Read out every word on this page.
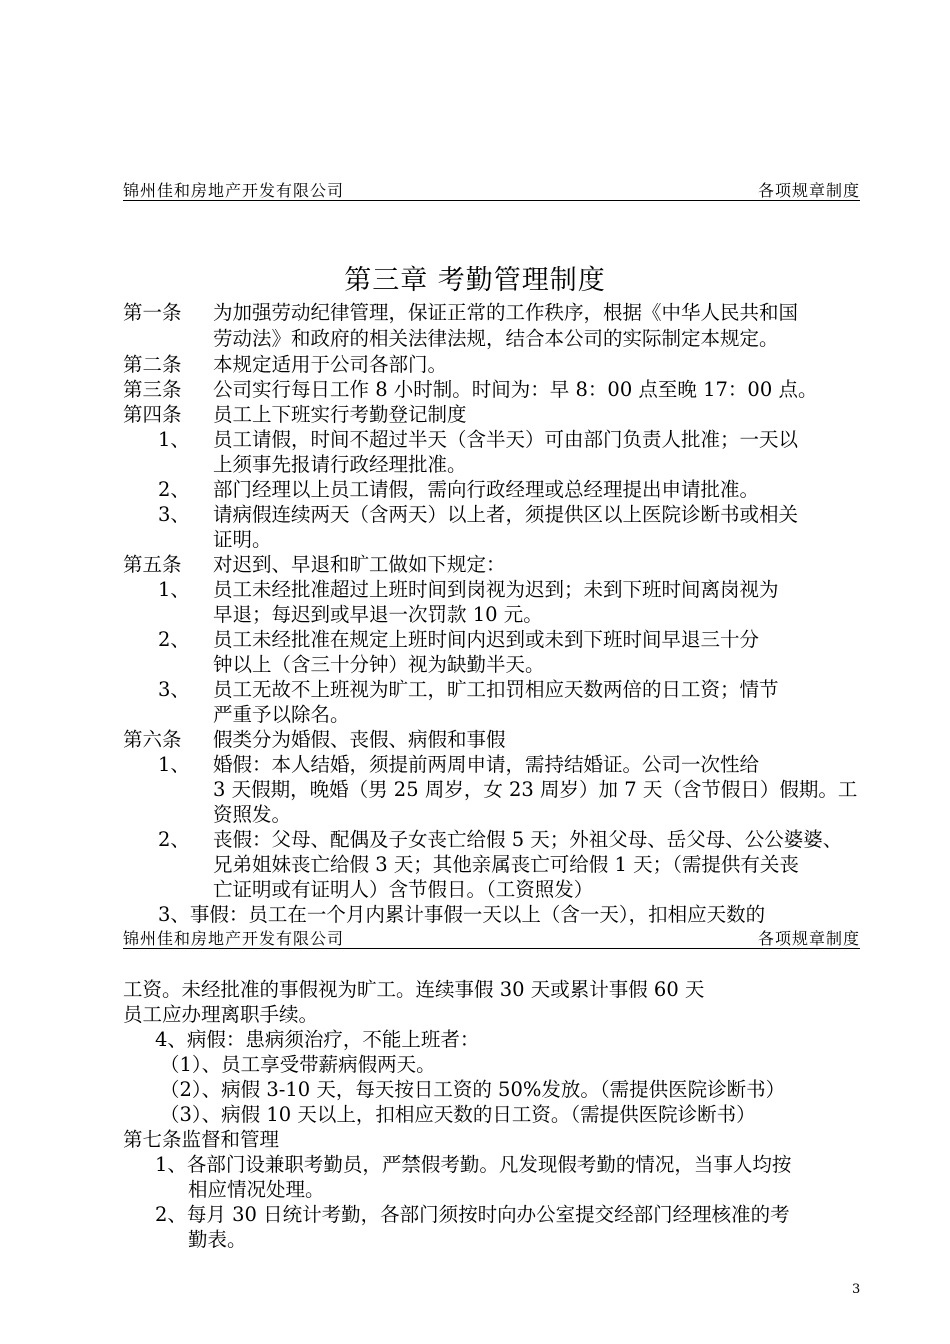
锦州佳和房地产开发有限公司	各项规章制度
第三章 考勤管理制度
第一条 为加强劳动纪律管理，保证正常的工作秩序，根据《中华人民共和国
劳动法》和政府的相关法律法规，结合本公司的实际制定本规定。
第二条 本规定适用于公司各部门。
第三条 公司实行每日工作 8 小时制。时间为：早 8：00 点至晚 17：00 点。
第四条 员工上下班实行考勤登记制度
1、 员工请假，时间不超过半天（含半天）可由部门负责人批准；一天以
上须事先报请行政经理批准。
2、 部门经理以上员工请假，需向行政经理或总经理提出申请批准。
3、 请病假连续两天（含两天）以上者，须提供区以上医院诊断书或相关
证明。
第五条 对迟到、早退和旷工做如下规定：
1、 员工未经批准超过上班时间到岗视为迟到；未到下班时间离岗视为
早退；每迟到或早退一次罚款 10 元。
2、 员工未经批准在规定上班时间内迟到或未到下班时间早退三十分
钟以上（含三十分钟）视为缺勤半天。
3、 员工无故不上班视为旷工，旷工扣罚相应天数两倍的日工资；情节
严重予以除名。
第六条 假类分为婚假、丧假、病假和事假
1、 婚假：本人结婚，须提前两周申请，需持结婚证。公司一次性给
3 天假期，晚婚（男 25 周岁，女 23 周岁）加 7 天（含节假日）假期。工
资照发。
2、 丧假：父母、配偶及子女丧亡给假 5 天；外祖父母、岳父母、公公婆婆、
兄弟姐妹丧亡给假 3 天；其他亲属丧亡可给假 1 天；（需提供有关丧
亡证明或有证明人）含节假日。（工资照发）
3、事假：员工在一个月内累计事假一天以上（含一天），扣相应天数的
锦州佳和房地产开发有限公司	各项规章制度
工资。未经批准的事假视为旷工。连续事假 30 天或累计事假 60 天
员工应办理离职手续。
4、病假：患病须治疗，不能上班者：
（1）、员工享受带薪病假两天。
（2）、病假 3-10 天，每天按日工资的 50%发放。（需提供医院诊断书）
（3）、病假 10 天以上，扣相应天数的日工资。（需提供医院诊断书）
第七条监督和管理
1、各部门设兼职考勤员，严禁假考勤。凡发现假考勤的情况，当事人均按
相应情况处理。
2、每月 30 日统计考勤，各部门须按时向办公室提交经部门经理核准的考
勤表。
3
